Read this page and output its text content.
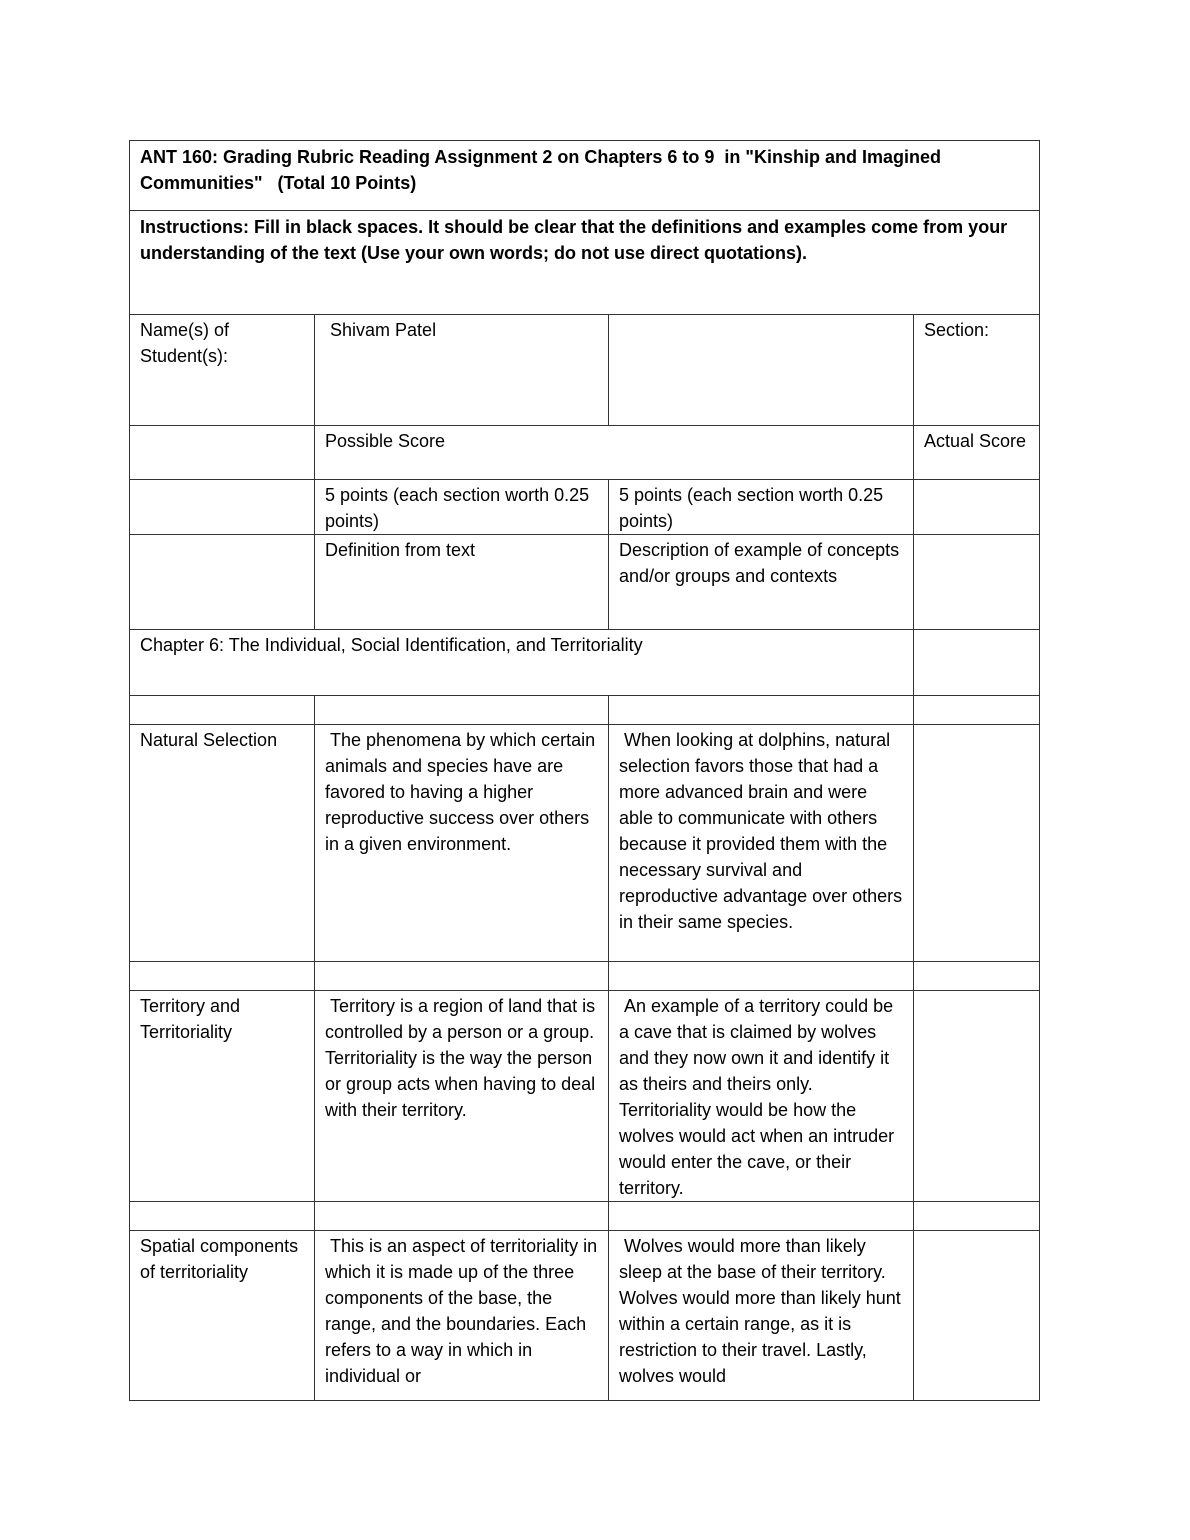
ANT 160: Grading Rubric Reading Assignment 2 on Chapters 6 to 9  in "Kinship and Imagined Communities"   (Total 10 Points)			
Instructions: Fill in black spaces. It should be clear that the definitions and examples come from your understanding of the text (Use your own words; do not use direct quotations).			
Name(s) of Student(s):	Shivam Patel		Section:
	Possible Score		Actual Score
	5 points (each section worth 0.25 points)	5 points (each section worth 0.25 points)	
	Definition from text	Description of example of concepts and/or groups and contexts	
Chapter 6: The Individual, Social Identification, and Territoriality			

Natural Selection	The phenomena by which certain animals and species have are favored to having a higher reproductive success over others in a given environment.	When looking at dolphins, natural selection favors those that had a more advanced brain and were able to communicate with others because it provided them with the necessary survival and reproductive advantage over others in their same species.	

Territory and Territoriality	Territory is a region of land that is controlled by a person or a group. Territoriality is the way the person or group acts when having to deal with their territory.	An example of a territory could be a cave that is claimed by wolves and they now own it and identify it as theirs and theirs only. Territoriality would be how the wolves would act when an intruder would enter the cave, or their territory.	

Spatial components of territoriality	This is an aspect of territoriality in which it is made up of the three components of the base, the range, and the boundaries. Each refers to a way in which in individual or	Wolves would more than likely sleep at the base of their territory. Wolves would more than likely hunt within a certain range, as it is restriction to their travel. Lastly, wolves would	
